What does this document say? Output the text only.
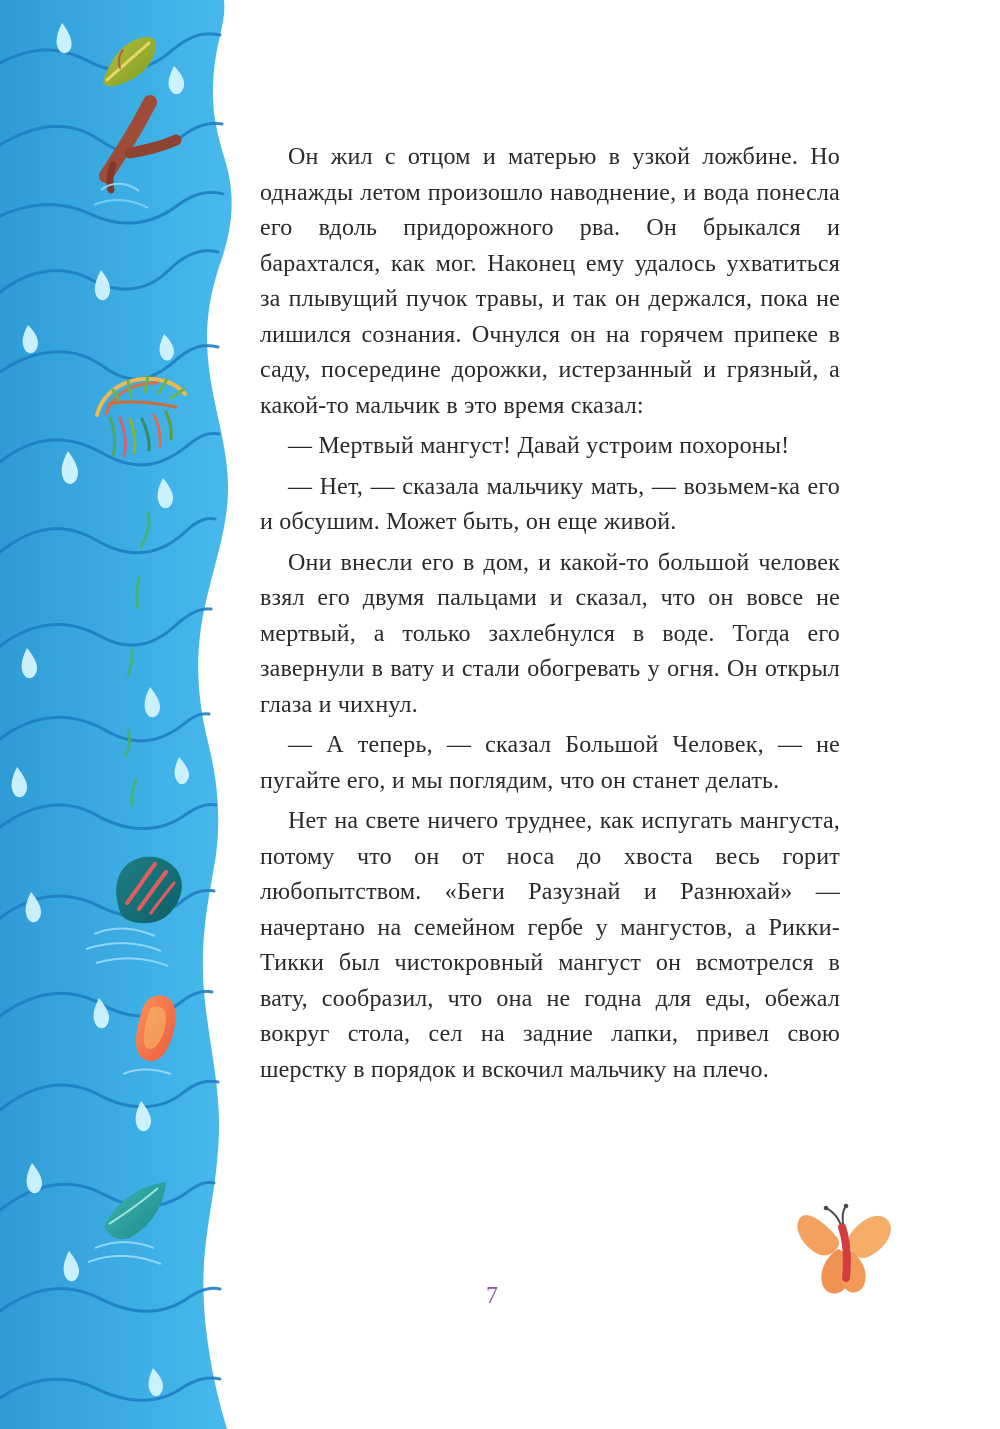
Он жил с отцом и матерью в узкой ложбине. Но однажды летом произошло наводнение, и вода понесла его вдоль придорожного рва. Он брыкался и барахтался, как мог. Наконец ему удалось ухватиться за плывущий пучок травы, и так он держался, пока не лишился сознания. Очнулся он на горячем припеке в саду, посередине дорожки, истерзанный и грязный, а какой-то мальчик в это время сказал:

— Мертвый мангуст! Давай устроим похороны!

— Нет, — сказала мальчику мать, — возьмем-ка его и обсушим. Может быть, он еще живой.

Они внесли его в дом, и какой-то большой человек взял его двумя пальцами и сказал, что он вовсе не мертвый, а только захлебнулся в воде. Тогда его завернули в вату и стали обогревать у огня. Он открыл глаза и чихнул.

— А теперь, — сказал Большой Человек, — не пугайте его, и мы поглядим, что он станет делать.

Нет на свете ничего труднее, как испугать мангуста, потому что он от носа до хвоста весь горит любопытством. «Беги Разузнай и Разнюхай» — начертано на семейном гербе у мангустов, а Рикки-Тикки был чистокровный мангуст он всмотрелся в вату, сообразил, что она не годна для еды, обежал вокруг стола, сел на задние лапки, привел свою шерстку в порядок и вскочил мальчику на плечо.

7
